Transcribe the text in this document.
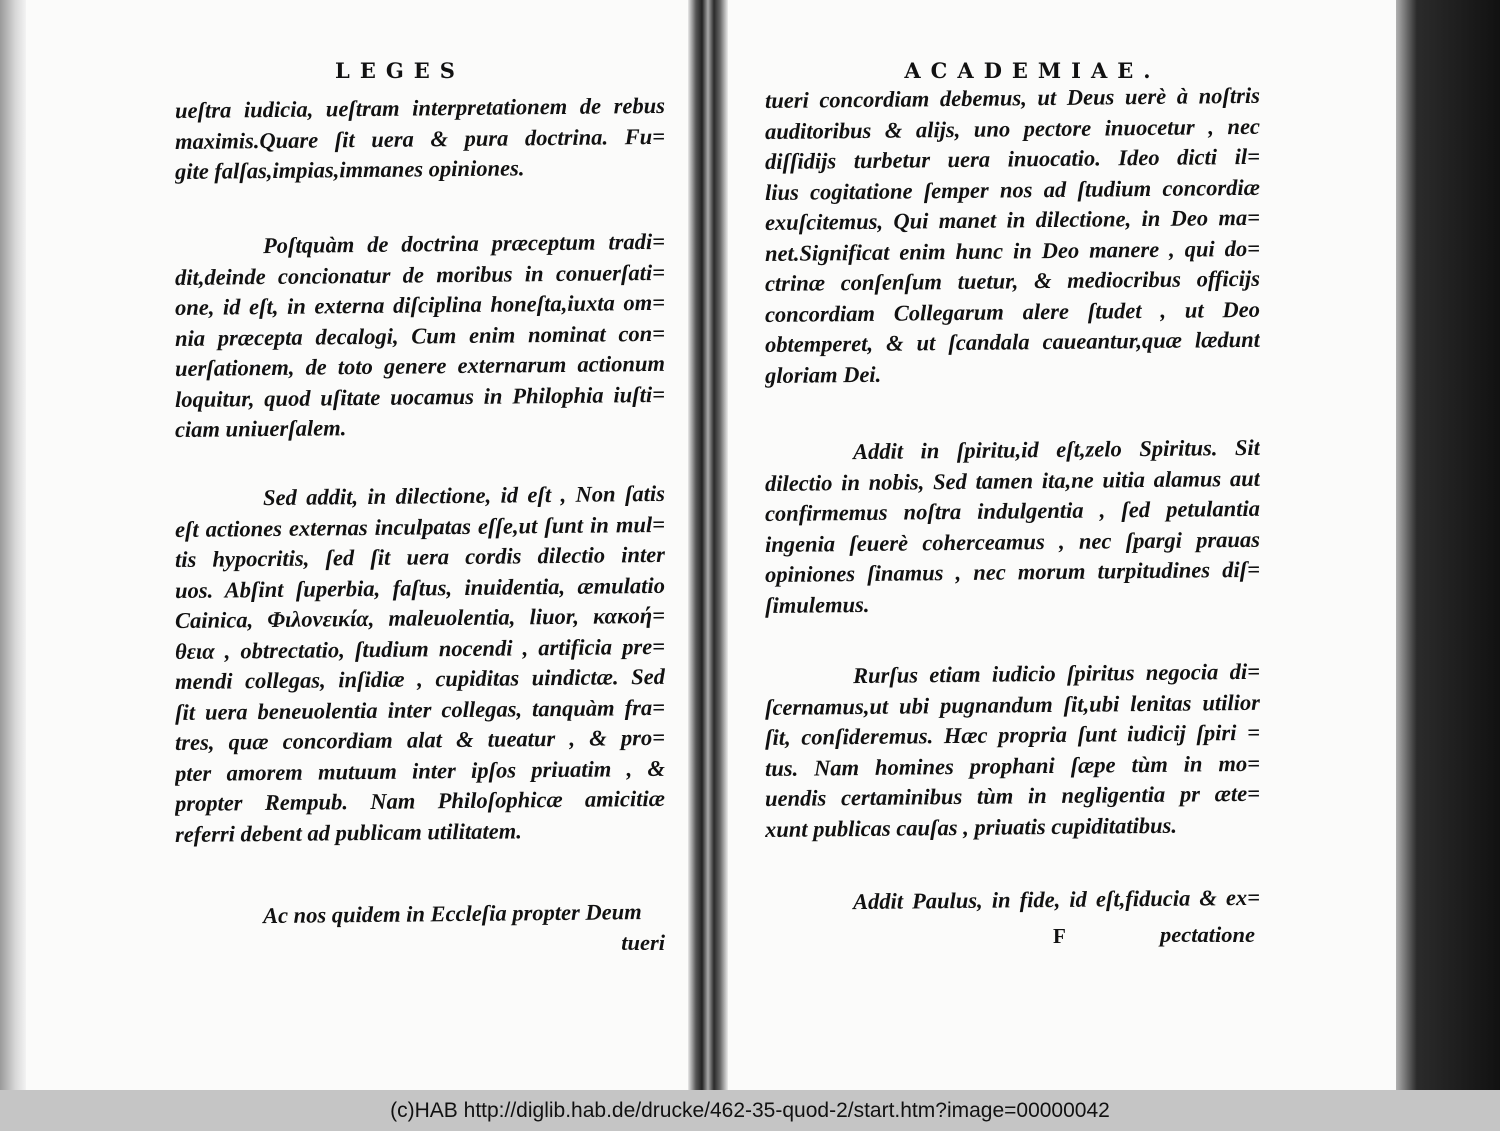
LEGES
ueſtra iudicia, ueſtram interpretationem de rebus
maximis.Quare ſit uera & pura doctrina. Fu=
gite falſas,impias,immanes opiniones.
Poſtquàm de doctrina præceptum tradi=
dit,deinde concionatur de moribus in conuerſati=
one, id eſt, in externa diſciplina honeſta,iuxta om=
nia præcepta decalogi, Cum enim nominat con=
uerſationem, de toto genere externarum actionum
loquitur, quod uſitate uocamus in Philophia iuſti=
ciam uniuerſalem.
Sed addit, in dilectione, id eſt , Non ſatis
eſt actiones externas inculpatas eſſe,ut ſunt in mul=
tis hypocritis, ſed ſit uera cordis dilectio inter
uos. Abſint ſuperbia, faſtus, inuidentia, æmulatio
Cainica, Φιλονεικία, maleuolentia, liuor, κακοή=
θεια , obtrectatio, ſtudium nocendi , artificia pre=
mendi collegas, inſidiæ , cupiditas uindictæ. Sed
ſit uera beneuolentia inter collegas, tanquàm fra=
tres, quæ concordiam alat & tueatur , & pro=
pter amorem mutuum inter ipſos priuatim , &
propter Rempub. Nam Philoſophicæ amicitiæ
referri debent ad publicam utilitatem.
Ac nos quidem in Eccleſia propter Deum
tueri
ACADEMIAE.
tueri concordiam debemus, ut Deus uerè à noſtris
auditoribus & alijs, uno pectore inuocetur , nec
diſſidijs turbetur uera inuocatio. Ideo dicti il=
lius cogitatione ſemper nos ad ſtudium concordiæ
exuſcitemus, Qui manet in dilectione, in Deo ma=
net.Significat enim hunc in Deo manere , qui do=
ctrinæ conſenſum tuetur, & mediocribus officijs
concordiam Collegarum alere ſtudet , ut Deo
obtemperet, & ut ſcandala caueantur,quæ lædunt
gloriam Dei.
Addit in ſpiritu,id eſt,zelo Spiritus. Sit
dilectio in nobis, Sed tamen ita,ne uitia alamus aut
confirmemus noſtra indulgentia , ſed petulantia
ingenia ſeuerè coherceamus , nec ſpargi prauas
opiniones ſinamus , nec morum turpitudines diſ=
ſimulemus.
Rurſus etiam iudicio ſpiritus negocia di=
ſcernamus,ut ubi pugnandum ſit,ubi lenitas utilior
ſit, conſideremus. Hæc propria ſunt iudicij ſpiri =
tus. Nam homines prophani ſæpe tùm in mo=
uendis certaminibus tùm in negligentia pr æte=
xunt publicas cauſas , priuatis cupiditatibus.
Addit Paulus, in fide, id eſt,fiducia & ex=
F	pectatione
(c)HAB http://diglib.hab.de/drucke/462-35-quod-2/start.htm?image=00000042
